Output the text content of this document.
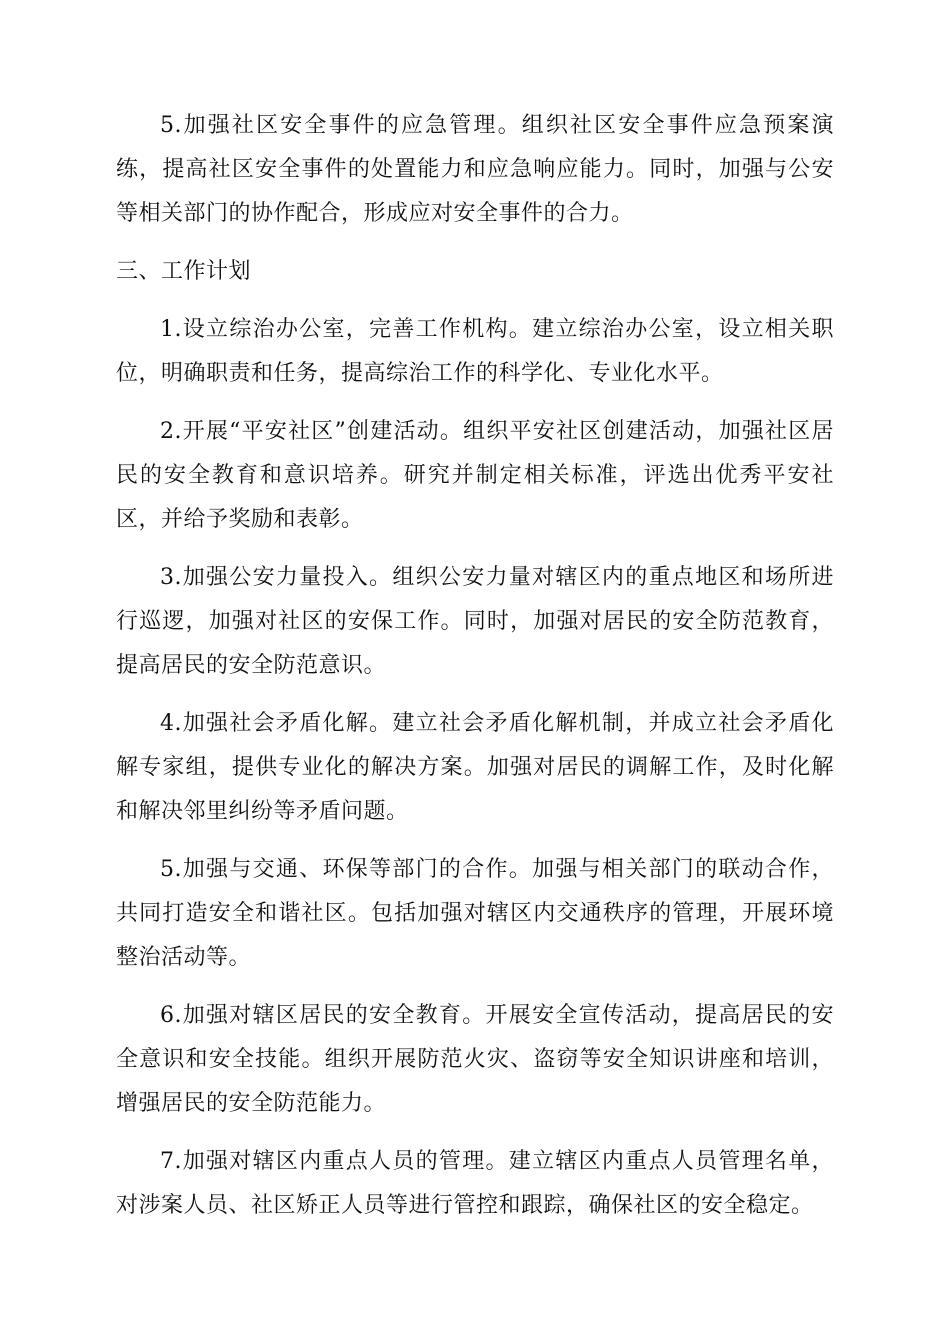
5.加强社区安全事件的应急管理。组织社区安全事件应急预案演练，提高社区安全事件的处置能力和应急响应能力。同时，加强与公安等相关部门的协作配合，形成应对安全事件的合力。

三、工作计划

1.设立综治办公室，完善工作机构。建立综治办公室，设立相关职位，明确职责和任务，提高综治工作的科学化、专业化水平。

2.开展“平安社区”创建活动。组织平安社区创建活动，加强社区居民的安全教育和意识培养。研究并制定相关标准，评选出优秀平安社区，并给予奖励和表彰。

3.加强公安力量投入。组织公安力量对辖区内的重点地区和场所进行巡逻，加强对社区的安保工作。同时，加强对居民的安全防范教育，提高居民的安全防范意识。

4.加强社会矛盾化解。建立社会矛盾化解机制，并成立社会矛盾化解专家组，提供专业化的解决方案。加强对居民的调解工作，及时化解和解决邻里纠纷等矛盾问题。

5.加强与交通、环保等部门的合作。加强与相关部门的联动合作，共同打造安全和谐社区。包括加强对辖区内交通秩序的管理，开展环境整治活动等。

6.加强对辖区居民的安全教育。开展安全宣传活动，提高居民的安全意识和安全技能。组织开展防范火灾、盗窃等安全知识讲座和培训，增强居民的安全防范能力。

7.加强对辖区内重点人员的管理。建立辖区内重点人员管理名单，对涉案人员、社区矫正人员等进行管控和跟踪，确保社区的安全稳定。
